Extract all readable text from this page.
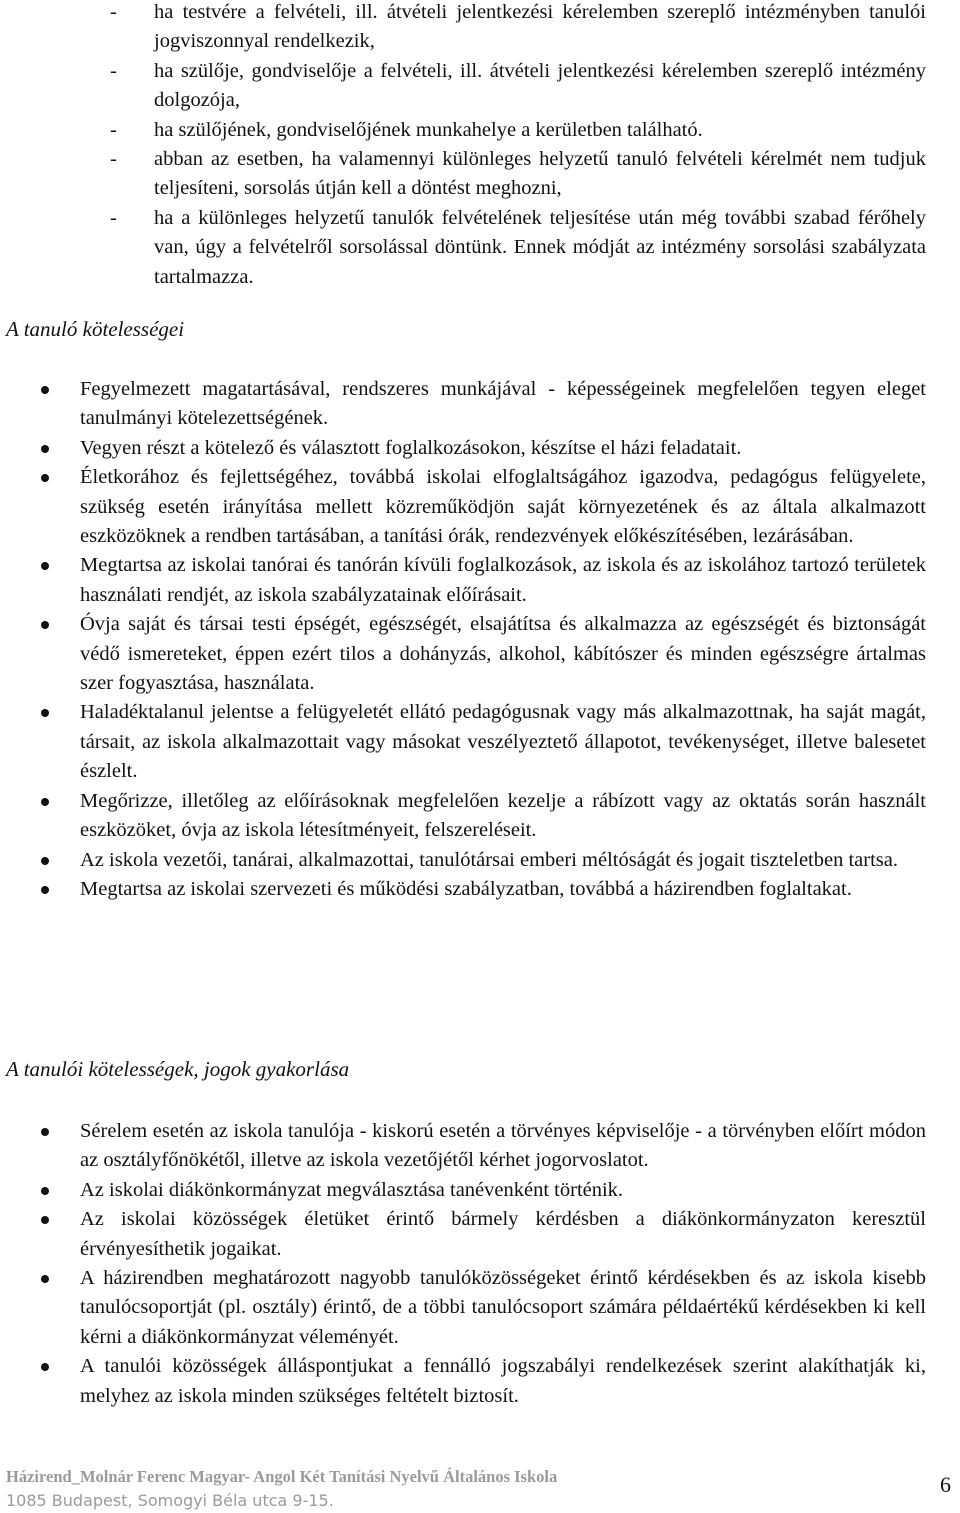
- ha testvére a felvételi, ill. átvételi jelentkezési kérelemben szereplő intézményben tanulói jogviszonnyal rendelkezik,
- ha szülője, gondviselője a felvételi, ill. átvételi jelentkezési kérelemben szereplő intézmény dolgozója,
- ha szülőjének, gondviselőjének munkahelye a kerületben található.
- abban az esetben, ha valamennyi különleges helyzetű tanuló felvételi kérelmét nem tudjuk teljesíteni, sorsolás útján kell a döntést meghozni,
- ha a különleges helyzetű tanulók felvételének teljesítése után még további szabad férőhely van, úgy a felvételről sorsolással döntünk. Ennek módját az intézmény sorsolási szabályzata tartalmazza.
A tanuló kötelességei
Fegyelmezett magatartásával, rendszeres munkájával - képességeinek megfelelően tegyen eleget tanulmányi kötelezettségének.
Vegyen részt a kötelező és választott foglalkozásokon, készítse el házi feladatait.
Életkorához és fejlettségéhez, továbbá iskolai elfoglaltságához igazodva, pedagógus felügyelete, szükség esetén irányítása mellett közreműködjön saját környezetének és az általa alkalmazott eszközöknek a rendben tartásában, a tanítási órák, rendezvények előkészítésében, lezárásában.
Megtartsa az iskolai tanórai és tanórán kívüli foglalkozások, az iskola és az iskolához tartozó területek használati rendjét, az iskola szabályzatainak előírásait.
Óvja saját és társai testi épségét, egészségét, elsajátítsa és alkalmazza az egészségét és biztonságát védő ismereteket, éppen ezért tilos a dohányzás, alkohol, kábítószer és minden egészségre ártalmas szer fogyasztása, használata.
Haladéktalanul jelentse a felügyeletét ellátó pedagógusnak vagy más alkalmazottnak, ha saját magát, társait, az iskola alkalmazottait vagy másokat veszélyeztető állapotot, tevékenységet, illetve balesetet észlelt.
Megőrizze, illetőleg az előírásoknak megfelelően kezelje a rábízott vagy az oktatás során használt eszközöket, óvja az iskola létesítményeit, felszereléseit.
Az iskola vezetői, tanárai, alkalmazottai, tanulótársai emberi méltóságát és jogait tiszteletben tartsa.
Megtartsa az iskolai szervezeti és működési szabályzatban, továbbá a házirendben foglaltakat.
A tanulói kötelességek, jogok gyakorlása
Sérelem esetén az iskola tanulója - kiskorú esetén a törvényes képviselője - a törvényben előírt módon az osztályfőnökétől, illetve az iskola vezetőjétől kérhet jogorvoslatot.
Az iskolai diákönkormányzat megválasztása tanévenként történik.
Az iskolai közösségek életüket érintő bármely kérdésben a diákönkormányzaton keresztül érvényesíthetik jogaikat.
A házirendben meghatározott nagyobb tanulóközösségeket érintő kérdésekben és az iskola kisebb tanulócsoportját (pl. osztály) érintő, de a többi tanulócsoport számára példaértékű kérdésekben ki kell kérni a diákönkormányzat véleményét.
A tanulói közösségek álláspontjukat a fennálló jogszabályi rendelkezések szerint alakíthatják ki, melyhez az iskola minden szükséges feltételt biztosít.

Házirend_Molnár Ferenc Magyar- Angol Két Tanítási Nyelvű Általános Iskola

1085 Budapest, Somogyi Béla utca 9-15.

6
